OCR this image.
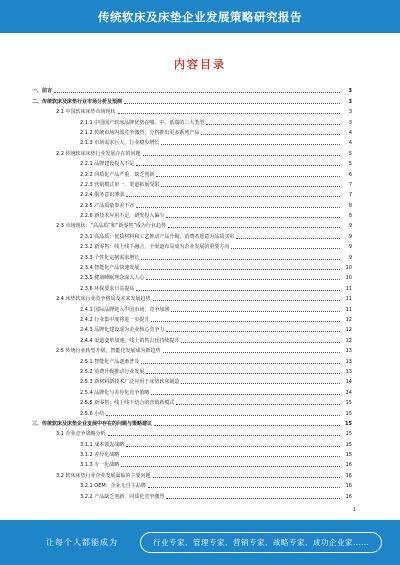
传统软床及床垫企业发展策略研究报告
内容目录
一、前言	3
二、传统软床及床垫行业市场分析及预测	3
2.1 中国软床床垫市场现状	3
2.1.1 中国国产软床品牌优势在哪、中、低端的三大类型	3
2.1.2 传统市场内部竞争激烈，分档推出更多系列产品	4
2.1.3 市场需求巨大，行业稳步增长	4
2.2 传统软床床垫行业发展存在的问题	5
2.2.1 品牌建设投入不足	5
2.2.2 同质化产品严重，缺乏创新	6
2.2.3 营销模式单一，渠道拓展受限	7
2.2.4 服务意识薄弱	7
2.2.5 产品质量参差不齐	8
2.2.6 新技术应用不足，研发投入偏少	8
2.3 市场现状：“高品质”和“新零售”成为行业趋势	9
2.3.1 高品质：优质材料和工艺推动产品升级，消费者愿意为品质买单	9
2.3.2 新零售：线上线下融合，全渠道布局成为企业发展的重要方向	9
2.3.3 个性化定制需求增长	9
2.3.4 智能化产品快速发展	10
2.3.5 健康睡眠理念深入人心	10
2.3.6 环保要求日益提高	11
2.4 床垫软床行业竞争格局及未来发展趋势	11
2.4.1 国际品牌进入中国市场，竞争加剧	11
2.4.2 行业集中度将进一步提升	12
2.4.3 品牌化建设成为企业核心竞争力	12
2.4.4 渠道变革加速，线上销售占比持续提升	12
2.5 传统行业转型升级，智能化发展成为新趋势	13
2.5.1 智能化产品逐渐普及	13
2.5.2 消费升级推动行业发展	13
2.5.3 新材料新技术广泛应用于床垫软床制造	14
2.5.4 品牌化与差异化竞争策略	14
2.5.5 新零售：线上线下结合的营销新模式	15
2.5.6 小结	15
三、传统软床及床垫企业发展中存在的问题与策略建议	15
3.1 企业竞争战略分析	15
3.1.1 成本领先战略	15
3.1.2 差异化战略	15
3.1.3 专一化战略	16
3.2 软床床垫行业企业发展面临的主要问题	16
3.2.1 OEM：企业无自主品牌	16
3.2.2 产品缺乏创新，同质化竞争激烈	16
1
让每个人都能成为	行业专家、管理专家、营销专家、战略专家、成功企业家……
